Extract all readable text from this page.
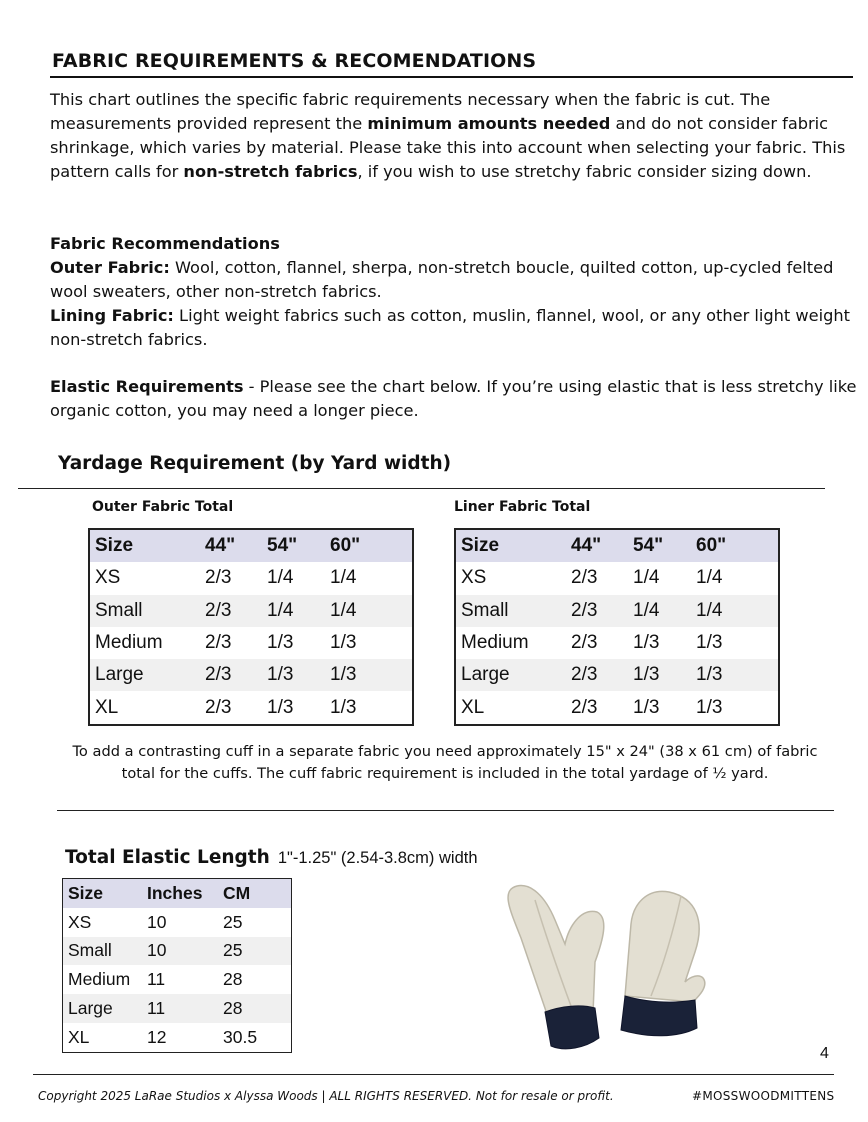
FABRIC REQUIREMENTS & RECOMENDATIONS
This chart outlines the specific fabric requirements necessary when the fabric is cut. The measurements provided represent the minimum amounts needed and do not consider fabric shrinkage, which varies by material. Please take this into account when selecting your fabric. This pattern calls for non-stretch fabrics, if you wish to use stretchy fabric consider sizing down.
Fabric Recommendations
Outer Fabric: Wool, cotton, flannel, sherpa, non-stretch boucle, quilted cotton, up-cycled felted wool sweaters, other non-stretch fabrics.
Lining Fabric: Light weight fabrics such as cotton, muslin, flannel, wool, or any other light weight non-stretch fabrics.
Elastic Requirements - Please see the chart below. If you’re using elastic that is less stretchy like organic cotton, you may need a longer piece.
Yardage Requirement (by Yard width)
Outer Fabric Total	Liner Fabric Total
Size	44"	54"	60"
XS	2/3	1/4	1/4
Small	2/3	1/4	1/4
Medium	2/3	1/3	1/3
Large	2/3	1/3	1/3
XL	2/3	1/3	1/3
Size	44"	54"	60"
XS	2/3	1/4	1/4
Small	2/3	1/4	1/4
Medium	2/3	1/3	1/3
Large	2/3	1/3	1/3
XL	2/3	1/3	1/3
To add a contrasting cuff in a separate fabric you need approximately 15" x 24" (38 x 61 cm) of fabric total for the cuffs. The cuff fabric requirement is included in the total yardage of ½ yard.
Total Elastic Length 1"-1.25" (2.54-3.8cm) width
Size	Inches	CM
XS	10	25
Small	10	25
Medium	11	28
Large	11	28
XL	12	30.5
4
Copyright 2025 LaRae Studios x Alyssa Woods | ALL RIGHTS RESERVED. Not for resale or profit.	#MOSSWOODMITTENS
